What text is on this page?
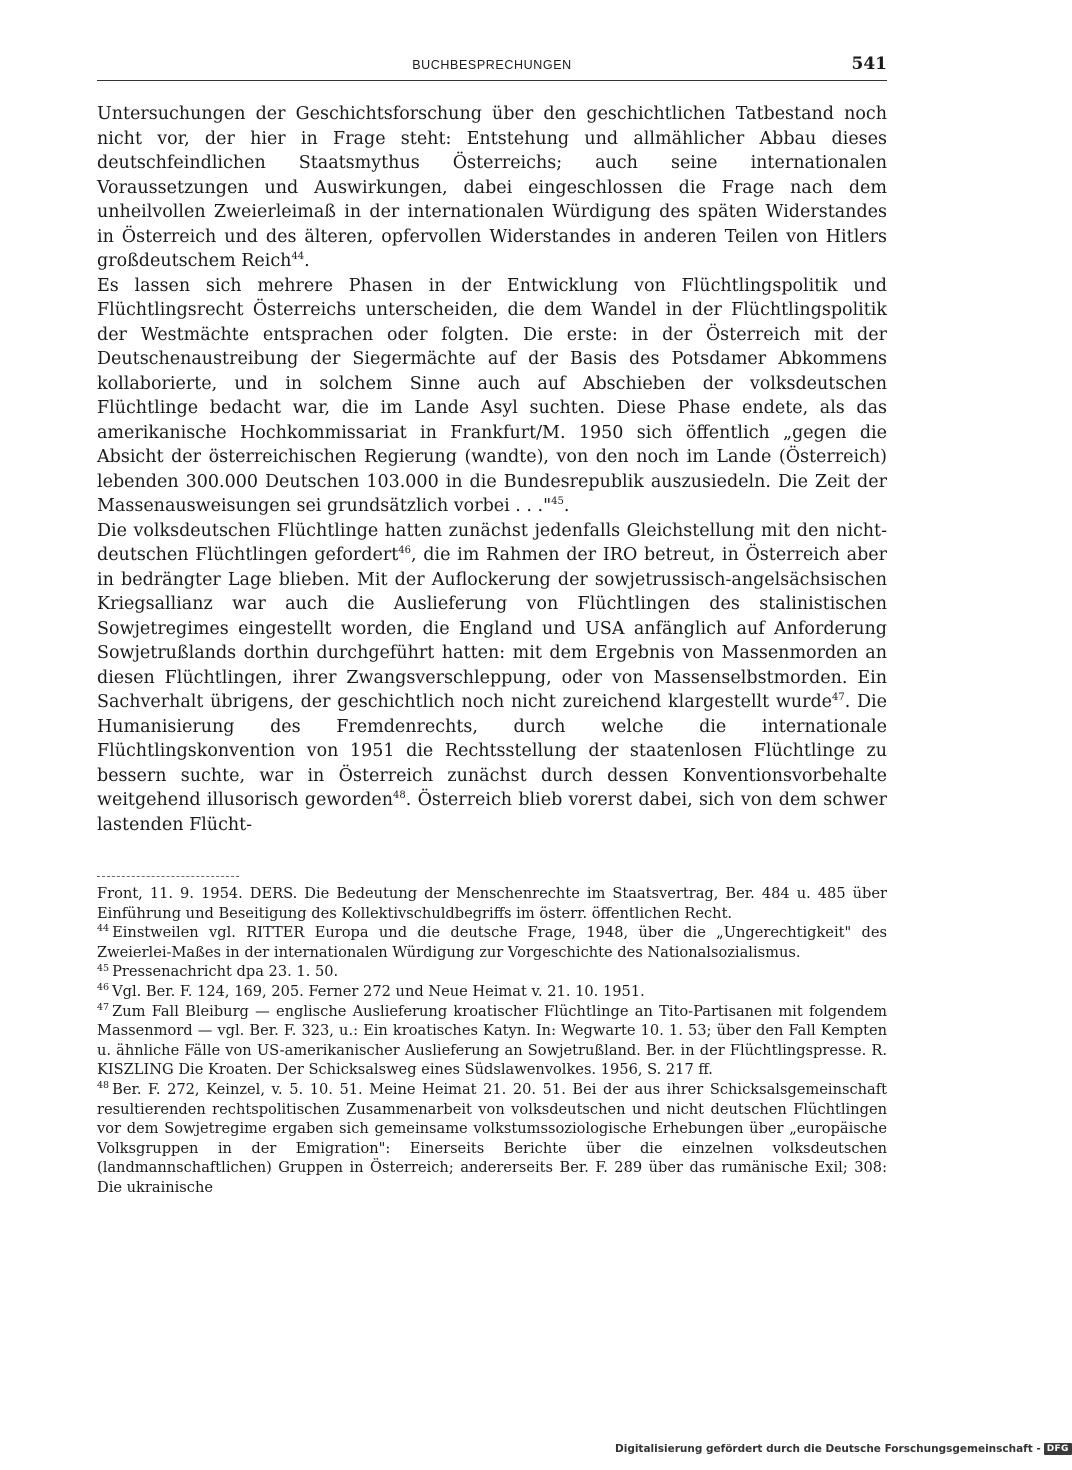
BUCHBESPRECHUNGEN	541

Untersuchungen der Geschichtsforschung über den geschichtlichen Tatbestand noch nicht vor, der hier in Frage steht: Entstehung und allmählicher Abbau dieses deutschfeindlichen Staatsmythus Österreichs; auch seine internationalen Voraussetzungen und Auswirkungen, dabei eingeschlossen die Frage nach dem unheilvollen Zweierleimaß in der internationalen Würdigung des späten Widerstandes in Österreich und des älteren, opfervollen Widerstandes in anderen Teilen von Hitlers großdeutschem Reich$^{44}$.

Es lassen sich mehrere Phasen in der Entwicklung von Flüchtlingspolitik und Flüchtlingsrecht Österreichs unterscheiden, die dem Wandel in der Flüchtlingspolitik der Westmächte entsprachen oder folgten. Die erste: in der Österreich mit der Deutschenaustreibung der Siegermächte auf der Basis des Potsdamer Abkommens kollaborierte, und in solchem Sinne auch auf Abschieben der volksdeutschen Flüchtlinge bedacht war, die im Lande Asyl suchten. Diese Phase endete, als das amerikanische Hochkommissariat in Frankfurt/M. 1950 sich öffentlich „gegen die Absicht der österreichischen Regierung (wandte), von den noch im Lande (Österreich) lebenden 300.000 Deutschen 103.000 in die Bundesrepublik auszusiedeln. Die Zeit der Massenausweisungen sei grundsätzlich vorbei . . ."$^{45}$.

Die volksdeutschen Flüchtlinge hatten zunächst jedenfalls Gleichstellung mit den nicht-deutschen Flüchtlingen gefordert$^{46}$, die im Rahmen der IRO betreut, in Österreich aber in bedrängter Lage blieben. Mit der Auflockerung der sowjetrussisch-angelsächsischen Kriegsallianz war auch die Auslieferung von Flüchtlingen des stalinistischen Sowjetregimes eingestellt worden, die England und USA anfänglich auf Anforderung Sowjetrußlands dorthin durchgeführt hatten: mit dem Ergebnis von Massenmorden an diesen Flüchtlingen, ihrer Zwangsverschleppung, oder von Massenselbstmorden. Ein Sachverhalt übrigens, der geschichtlich noch nicht zureichend klargestellt wurde$^{47}$. Die Humanisierung des Fremdenrechts, durch welche die internationale Flüchtlingskonvention von 1951 die Rechtsstellung der staatenlosen Flüchtlinge zu bessern suchte, war in Österreich zunächst durch dessen Konventionsvorbehalte weitgehend illusorisch geworden$^{48}$. Österreich blieb vorerst dabei, sich von dem schwer lastenden Flücht-

Front, 11. 9. 1954. DERS. Die Bedeutung der Menschenrechte im Staatsvertrag, Ber. 484 u. 485 über Einführung und Beseitigung des Kollektivschuldbegriffs im österr. öffentlichen Recht.

$^{44}$ Einstweilen vgl. RITTER Europa und die deutsche Frage, 1948, über die „Ungerechtigkeit" des Zweierlei-Maßes in der internationalen Würdigung zur Vorgeschichte des Nationalsozialismus.

$^{45}$ Pressenachricht dpa 23. 1. 50.

$^{46}$ Vgl. Ber. F. 124, 169, 205. Ferner 272 und Neue Heimat v. 21. 10. 1951.

$^{47}$ Zum Fall Bleiburg — englische Auslieferung kroatischer Flüchtlinge an Tito-Partisanen mit folgendem Massenmord — vgl. Ber. F. 323, u.: Ein kroatisches Katyn. In: Wegwarte 10. 1. 53; über den Fall Kempten u. ähnliche Fälle von US-amerikanischer Auslieferung an Sowjetrußland. Ber. in der Flüchtlingspresse. R. KISZLING Die Kroaten. Der Schicksalsweg eines Südslawenvolkes. 1956, S. 217 ff.

$^{48}$ Ber. F. 272, Keinzel, v. 5. 10. 51. Meine Heimat 21. 20. 51. Bei der aus ihrer Schicksalsgemeinschaft resultierenden rechtspolitischen Zusammenarbeit von volksdeutschen und nicht deutschen Flüchtlingen vor dem Sowjetregime ergaben sich gemeinsame volkstumssoziologische Erhebungen über „europäische Volksgruppen in der Emigration": Einerseits Berichte über die einzelnen volksdeutschen (landmannschaftlichen) Gruppen in Österreich; andererseits Ber. F. 289 über das rumänische Exil; 308: Die ukrainische

Digitalisierung gefördert durch die Deutsche Forschungsgemeinschaft - DFG
